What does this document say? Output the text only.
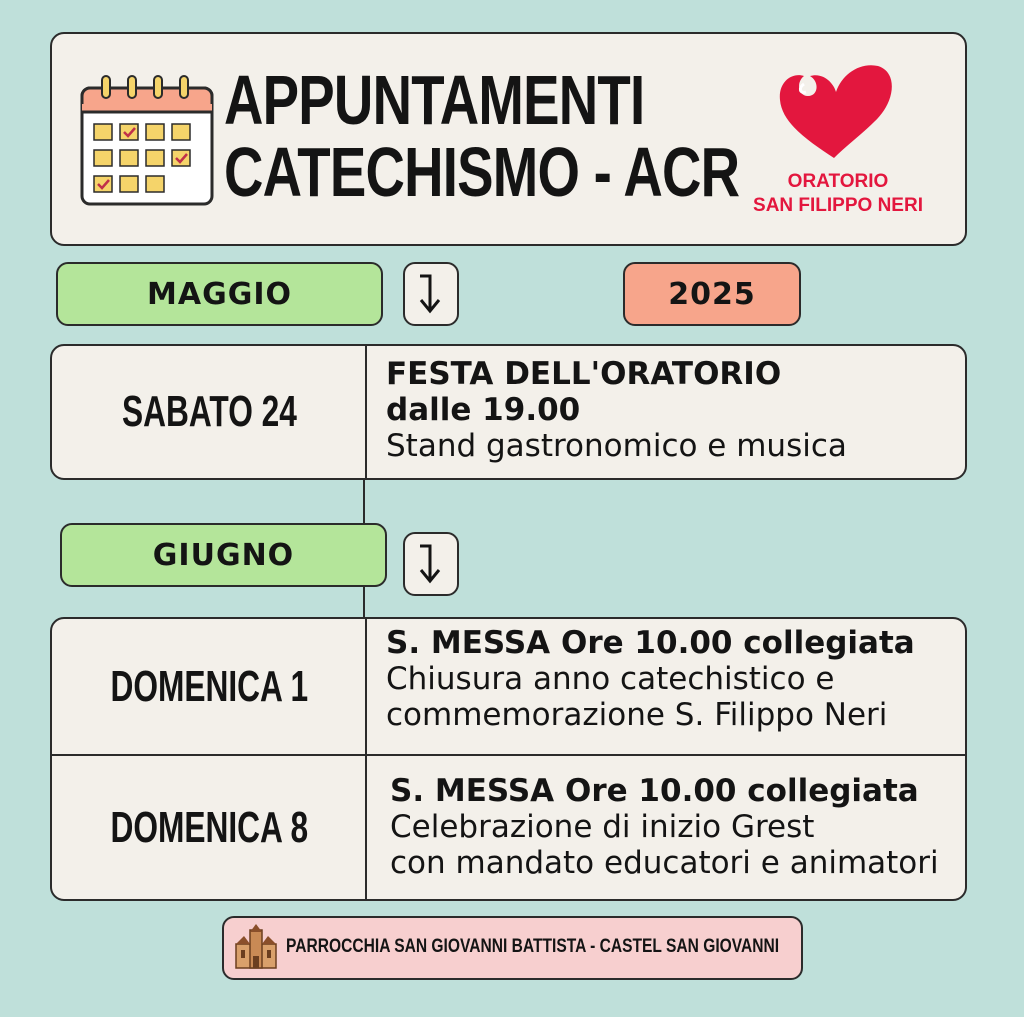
APPUNTAMENTI
CATECHISMO - ACR	ORATORIO
SAN FILIPPO NERI
MAGGIO	2025
SABATO 24
FESTA DELL'ORATORIO
dalle 19.00
Stand gastronomico e musica
GIUGNO
DOMENICA 1
S. MESSA Ore 10.00 collegiata
Chiusura anno catechistico e
commemorazione S. Filippo Neri
DOMENICA 8
S. MESSA Ore 10.00 collegiata
Celebrazione di inizio Grest
con mandato educatori e animatori
PARROCCHIA SAN GIOVANNI BATTISTA - CASTEL SAN GIOVANNI
